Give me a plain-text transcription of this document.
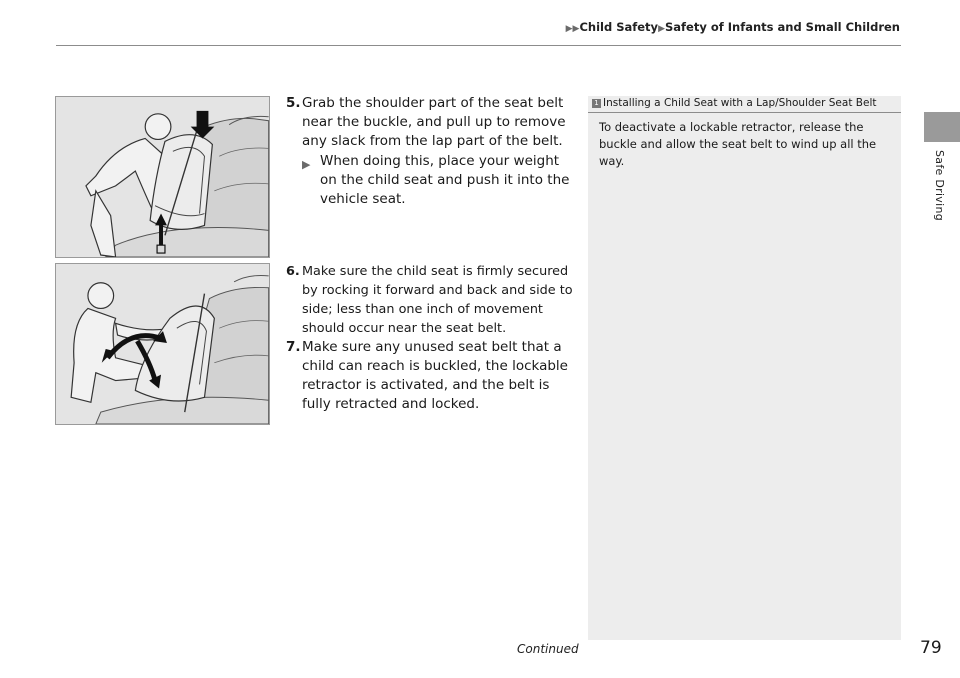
▶▶Child Safety▶Safety of Infants and Small Children
Safe Driving
5. Grab the shoulder part of the seat belt near the buckle, and pull up to remove any slack from the lap part of the belt.
▶ When doing this, place your weight on the child seat and push it into the vehicle seat.
6. Make sure the child seat is firmly secured by rocking it forward and back and side to side; less than one inch of movement should occur near the seat belt.
7. Make sure any unused seat belt that a child can reach is buckled, the lockable retractor is activated, and the belt is fully retracted and locked.
1 Installing a Child Seat with a Lap/Shoulder Seat Belt
To deactivate a lockable retractor, release the buckle and allow the seat belt to wind up all the way.
Continued	79
